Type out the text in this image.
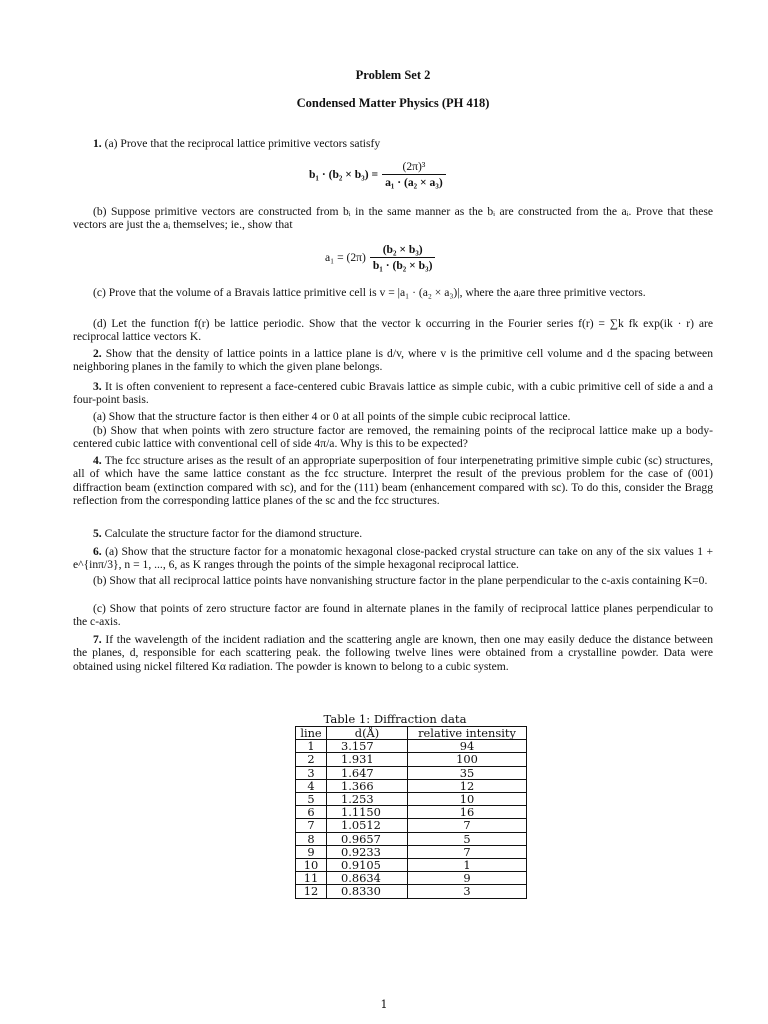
Problem Set 2
Condensed Matter Physics (PH 418)
1. (a) Prove that the reciprocal lattice primitive vectors satisfy
$b_1 \cdot (b_2 \times b_3) = \frac{\text{(2π)³}}{\text{a₁ · (a₂ × a₃)}}$
(b) Suppose primitive vectors are constructed from bᵢ in the same manner as the bᵢ are constructed from the aᵢ. Prove that these vectors are just the aᵢ themselves; ie., show that
$a_1 = (2\pi) \frac{\text{(b₂ × b₃)}}{\text{b₁ · (b₂ × b₃)}}$
(c) Prove that the volume of a Bravais lattice primitive cell is v = |a₁ · (a₂ × a₃)|, where the aᵢare three primitive vectors.
(d) Let the function f(r) be lattice periodic. Show that the vector k occurring in the Fourier series f(r) = ∑k fk exp(ik · r) are reciprocal lattice vectors K.
2. Show that the density of lattice points in a lattice plane is d/v, where v is the primitive cell volume and d the spacing between neighboring planes in the family to which the given plane belongs.
3. It is often convenient to represent a face-centered cubic Bravais lattice as simple cubic, with a cubic primitive cell of side a and a four-point basis.
(a) Show that the structure factor is then either 4 or 0 at all points of the simple cubic reciprocal lattice.
(b) Show that when points with zero structure factor are removed, the remaining points of the reciprocal lattice make up a body-centered cubic lattice with conventional cell of side 4π/a. Why is this to be expected?
4. The fcc structure arises as the result of an appropriate superposition of four interpenetrating primitive simple cubic (sc) structures, all of which have the same lattice constant as the fcc structure. Interpret the result of the previous problem for the case of (001) diffraction beam (extinction compared with sc), and for the (111) beam (enhancement compared with sc). To do this, consider the Bragg reflection from the corresponding lattice planes of the sc and the fcc structures.
5. Calculate the structure factor for the diamond structure.
6. (a) Show that the structure factor for a monatomic hexagonal close-packed crystal structure can take on any of the six values 1 + e^{inπ/3}, n = 1, ..., 6, as K ranges through the points of the simple hexagonal reciprocal lattice.
(b) Show that all reciprocal lattice points have nonvanishing structure factor in the plane perpendicular to the c-axis containing K=0.
(c) Show that points of zero structure factor are found in alternate planes in the family of reciprocal lattice planes perpendicular to the c-axis.
7. If the wavelength of the incident radiation and the scattering angle are known, then one may easily deduce the distance between the planes, d, responsible for each scattering peak. the following twelve lines were obtained from a crystalline powder. Data were obtained using nickel filtered Kα radiation. The powder is known to belong to a cubic system.
Table 1: Diffraction data
line	d(Å)	relative intensity
1	3.157	94
2	1.931	100
3	1.647	35
4	1.366	12
5	1.253	10
6	1.1150	16
7	1.0512	7
8	0.9657	5
9	0.9233	7
10	0.9105	1
11	0.8634	9
12	0.8330	3
1
